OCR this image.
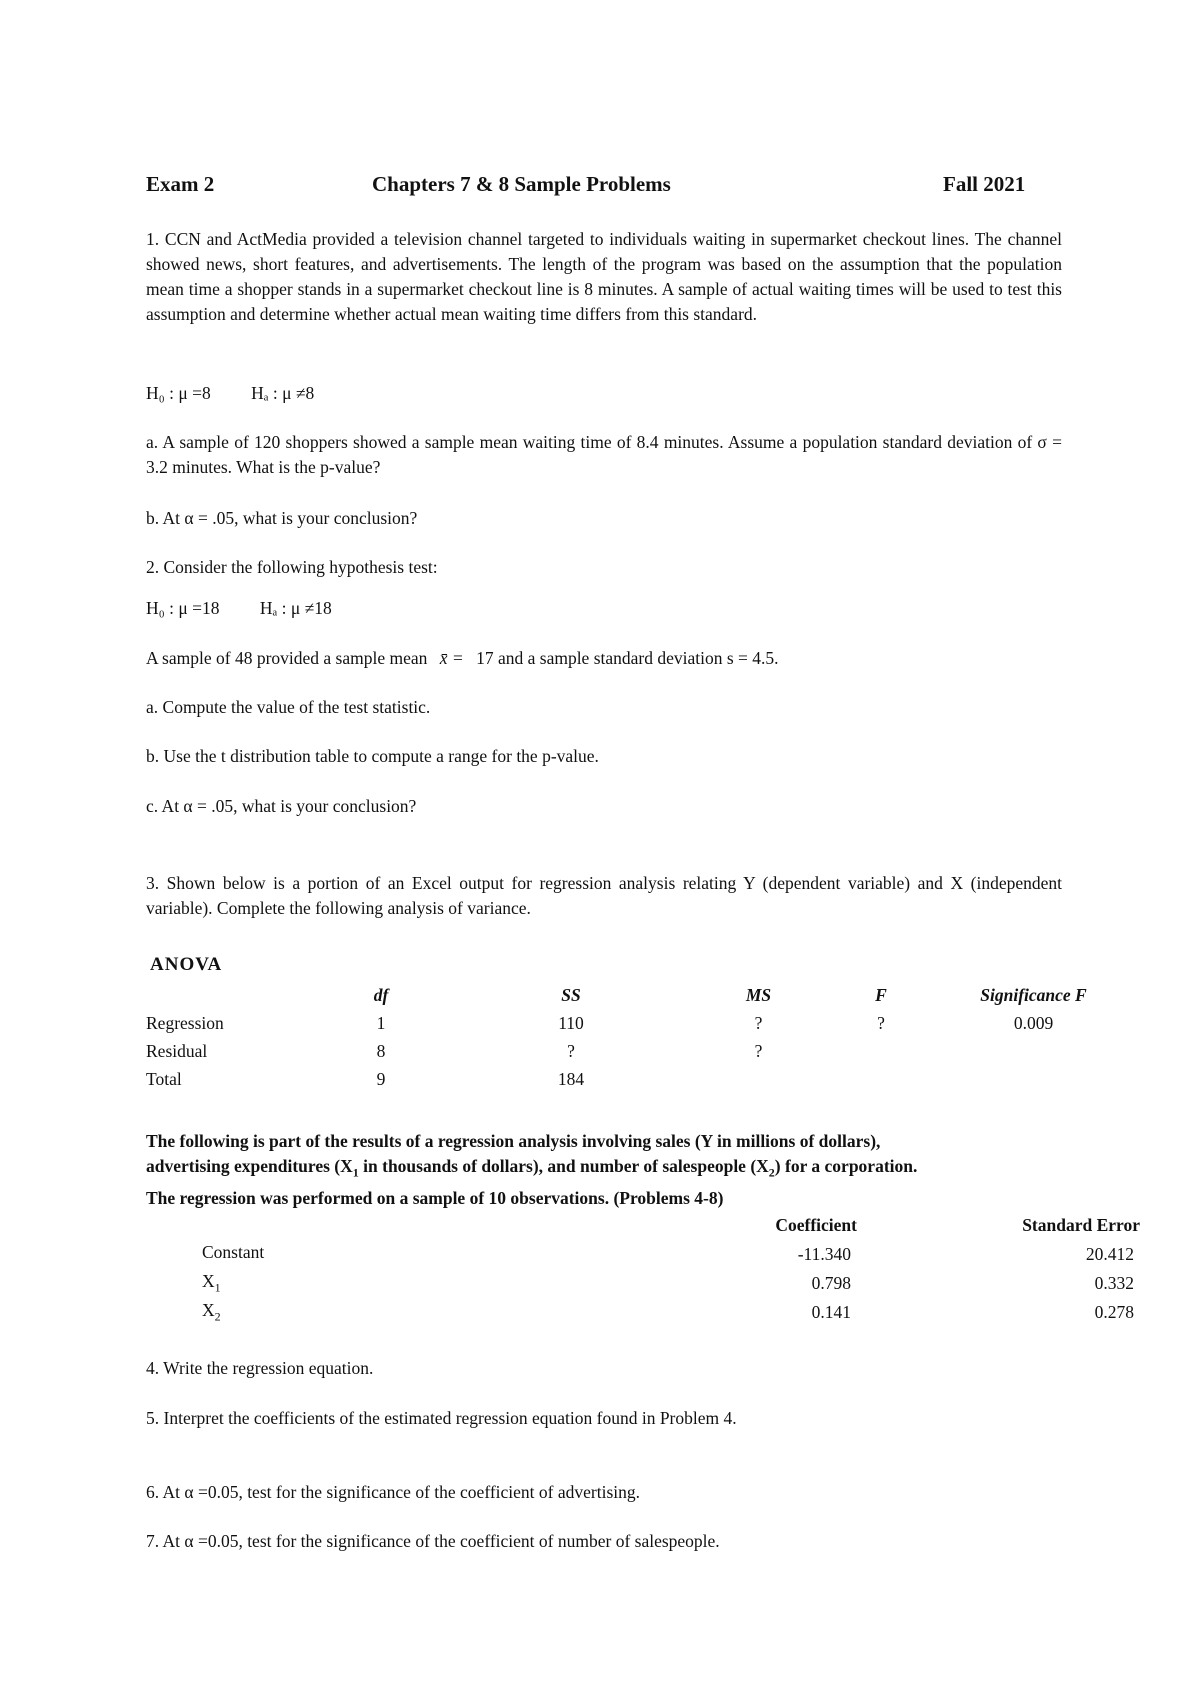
Exam 2	Chapters 7 & 8 Sample Problems	Fall 2021
1. CCN and ActMedia provided a television channel targeted to individuals waiting in supermarket checkout lines. The channel showed news, short features, and advertisements. The length of the program was based on the assumption that the population mean time a shopper stands in a supermarket checkout line is 8 minutes. A sample of actual waiting times will be used to test this assumption and determine whether actual mean waiting time differs from this standard.
H₀ : μ =8 Hₐ : μ ≠8
a. A sample of 120 shoppers showed a sample mean waiting time of 8.4 minutes. Assume a population standard deviation of σ = 3.2 minutes. What is the p-value?
b. At α = .05, what is your conclusion?
2. Consider the following hypothesis test:
H₀ : μ =18 Hₐ : μ ≠18
A sample of 48 provided a sample mean x̄ = 17 and a sample standard deviation s = 4.5.
a. Compute the value of the test statistic.
b. Use the t distribution table to compute a range for the p-value.
c. At α = .05, what is your conclusion?
3. Shown below is a portion of an Excel output for regression analysis relating Y (dependent variable) and X (independent variable). Complete the following analysis of variance.
ANOVA
	df	SS	MS	F	Significance F
Regression	1	110	?	?	0.009
Residual	8	?	?		
Total	9	184			
The following is part of the results of a regression analysis involving sales (Y in millions of dollars),
advertising expenditures ($X_1$ in thousands of dollars), and number of salespeople $(X_2)$ for a corporation.
The regression was performed on a sample of 10 observations. (Problems 4-8)
		Coefficient	Standard Error
	Constant	-11.340	20.412
	$X_1$	0.798	0.332
	$X_2$	0.141	0.278
4. Write the regression equation.
5. Interpret the coefficients of the estimated regression equation found in Problem 4.
6. At α =0.05, test for the significance of the coefficient of advertising.
7. At α =0.05, test for the significance of the coefficient of number of salespeople.
